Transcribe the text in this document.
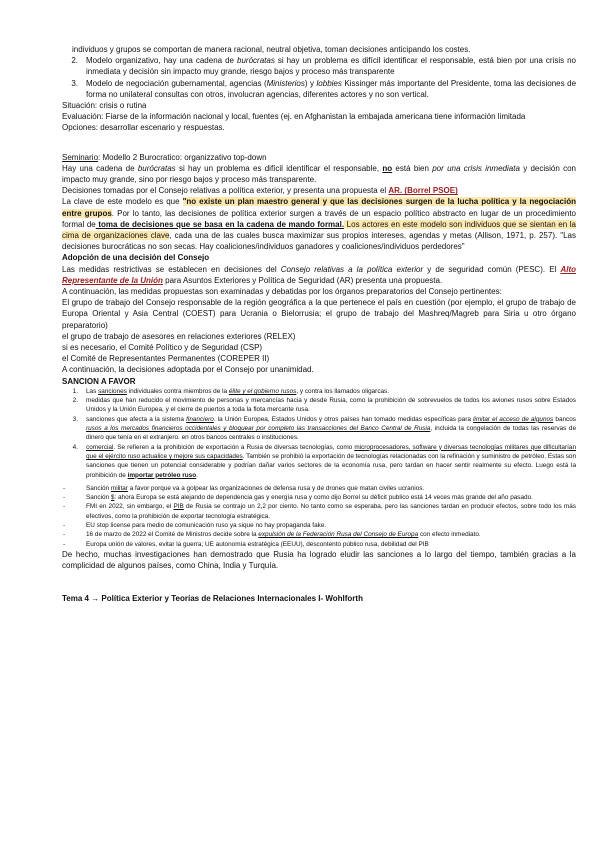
individuos y grupos se comportan de manera racional, neutral objetiva, toman decisiones anticipando los costes.

2. Modelo organizativo, hay una cadena de burócratas si hay un problema es difícil identificar el responsable, está bien por una crisis no inmediata y decisión sin impacto muy grande, riesgo bajos y proceso más transparente

3. Modelo de negociación gubernamental, agencias (Ministerios) y lobbies Kissinger más importante del Presidente, toma las decisiones de forma no unilateral consultas con otros, involucran agencias, diferentes actores y no son vertical.

Situación: crisis o rutina

Evaluación: Fiarse de la información nacional y local, fuentes (ej. en Afghanistan la embajada americana tiene información limitada

Opciones: desarrollar escenario y respuestas.

Seminario: Modello 2 Burocratico: organizzativo top-down

Hay una cadena de burócratas si hay un problema es difícil identificar el responsable, no está bien por una crisis inmediata y decisión con impacto muy grande, sino por riesgo bajos y proceso más transparente.

Decisiones tomadas por el Consejo relativas a política exterior, y presenta una propuesta el AR. (Borrel PSOE)

La clave de este modelo es que "no existe un plan maestro general y que las decisiones surgen de la lucha política y la negociación entre grupos. Por lo tanto, las decisiones de política exterior surgen a través de un espacio político abstracto en lugar de un procedimiento formal de toma de decisiones que se basa en la cadena de mando formal. Los actores en este modelo son individuos que se sientan en la cima de organizaciones clave, cada una de las cuales busca maximizar sus propios intereses, agendas y metas (Allison, 1971, p. 257). "Las decisiones burocráticas no son secas. Hay coaliciones/individuos ganadores y coaliciones/individuos perdedores"

Adopción de una decisión del Consejo

Las medidas restrictivas se establecen en decisiones del Consejo relativas a la política exterior y de seguridad común (PESC). El Alto Representante de la Unión para Asuntos Exteriores y Política de Seguridad (AR) presenta una propuesta.

A continuación, las medidas propuestas son examinadas y debatidas por los órganos preparatorios del Consejo pertinentes:

El grupo de trabajo del Consejo responsable de la región geográfica a la que pertenece el país en cuestión (por ejemplo, el grupo de trabajo de Europa Oriental y Asia Central (COEST) para Ucrania o Bielorrusia; el grupo de trabajo del Mashreq/Magreb para Siria u otro órgano preparatorio)

el grupo de trabajo de asesores en relaciones exteriores (RELEX)

si es necesario, el Comité Político y de Seguridad (CSP)

el Comité de Representantes Permanentes (COREPER II)

A continuación, la decisiones adoptada por el Consejo por unanimidad.

SANCION A FAVOR

1. Las sanciones individuales contra miembros de la élite y el gobierno rusos, y contra los llamados oligarcas.

2. medidas que han reducido el movimiento de personas y mercancías hacia y desde Rusia, como la prohibición de sobrevuelos de todos los aviones rusos sobre Estados Unidos y la Unión Europea, y el cierre de puertos a toda la flota mercante rusa.

3. sanciones que afecta a la sistema financiero. la Unión Europea, Estados Unidos y otros países han tomado medidas específicas para limitar el acceso de algunos bancos rusos a los mercados financieros occidentales y bloquear por completo las transacciones del Banco Central de Rusia, incluida la congelación de todas las reservas de dinero que tenía en el extranjero. en otros bancos centrales o instituciones.

4. comercial. Se refieren a la prohibición de exportación a Rusia de diversas tecnologías, como microprocesadores, software y diversas tecnologías militares que dificultarían que el ejército ruso actualice y mejore sus capacidades. También se prohibió la exportación de tecnologías relacionadas con la refinación y suministro de petróleo. Estas son sanciones que tienen un potencial considerable y podrían dañar varios sectores de la economía rusa, pero tardan en hacer sentir realmente su efecto. Luego está la prohibición de importar petróleo ruso.

-	Sanción militar a favor porque va a golpear las organizaciones de defensa rusa y de drones que matan civiles ucranios.

-	Sanción $: ahora Europa se está alejando de dependencia gas y energía rusa y como dijo Borrel su déficit publico está 14 veces más grande del año pasado.

-	FMI en 2022, sin embargo, el PIB de Rusia se contrajo un 2,2 por ciento. No tanto como se esperaba, pero las sanciones tardan en producir efectos, sobre todo los más efectivos, como la prohibición de exportar tecnología estratégica.

-	EU stop license para medio de comunicación ruso ya sique no hay propaganda fake.

-	16 de marzo de 2022 el Comité de Ministros decide sobre la expulsión de la Federación Rusa del Consejo de Europa con efecto inmediato.

-	Europa unión de valores, evitar la guerra; UE autonomía estratégica (EEUU), descontento público rusa, debilidad del PIB

De hecho, muchas investigaciones han demostrado que Rusia ha logrado eludir las sanciones a lo largo del tiempo, también gracias a la complicidad de algunos países, como China, India y Turquía.

Tema 4 → Política Exterior y Teorías de Relaciones Internacionales I- Wohlforth
